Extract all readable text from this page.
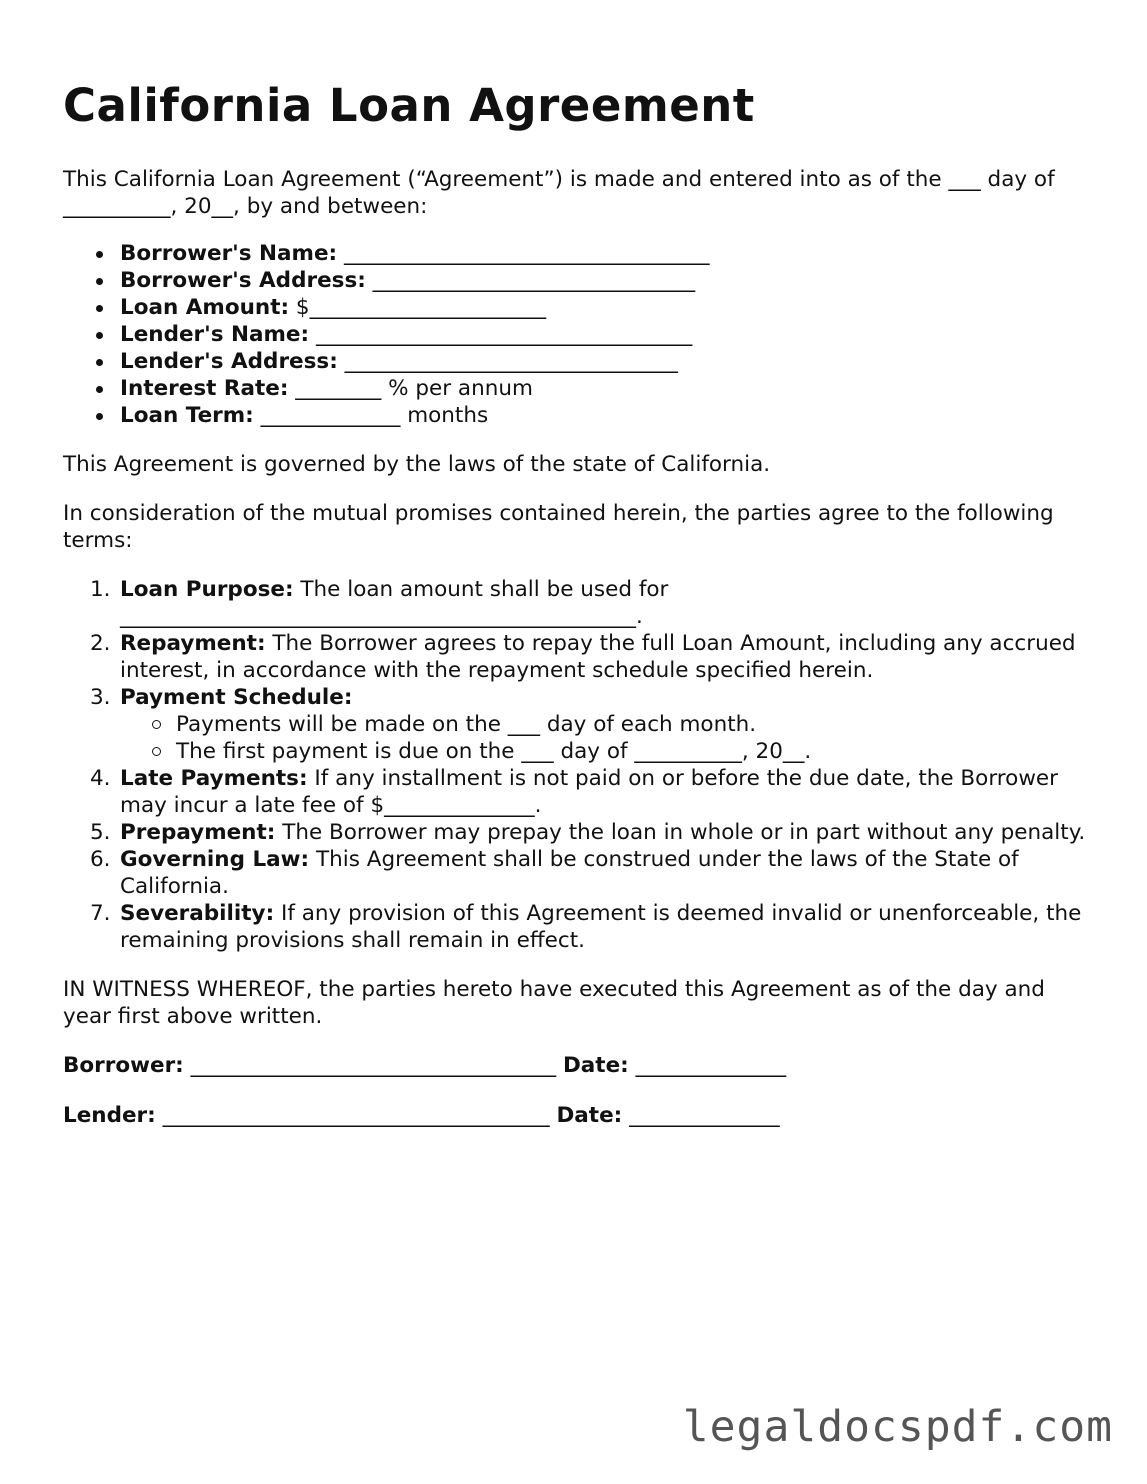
California Loan Agreement

This California Loan Agreement (“Agreement”) is made and entered into as of the ___ day of __________, 20__, by and between:

Borrower's Name: __________________________________
Borrower's Address: ______________________________
Loan Amount: $______________________
Lender's Name: ___________________________________
Lender's Address: _______________________________
Interest Rate: ________ % per annum
Loan Term: _____________ months

This Agreement is governed by the laws of the state of California.

In consideration of the mutual promises contained herein, the parties agree to the following terms:

1. Loan Purpose: The loan amount shall be used for ________________________________________________.
2. Repayment: The Borrower agrees to repay the full Loan Amount, including any accrued interest, in accordance with the repayment schedule specified herein.
3. Payment Schedule:
Payments will be made on the ___ day of each month.
The first payment is due on the ___ day of __________, 20__.
4. Late Payments: If any installment is not paid on or before the due date, the Borrower may incur a late fee of $______________.
5. Prepayment: The Borrower may prepay the loan in whole or in part without any penalty.
6. Governing Law: This Agreement shall be construed under the laws of the State of California.
7. Severability: If any provision of this Agreement is deemed invalid or unenforceable, the remaining provisions shall remain in effect.

IN WITNESS WHEREOF, the parties hereto have executed this Agreement as of the day and year first above written.

Borrower: __________________________________ Date: ______________

Lender: ____________________________________ Date: ______________

legaldocspdf.com
